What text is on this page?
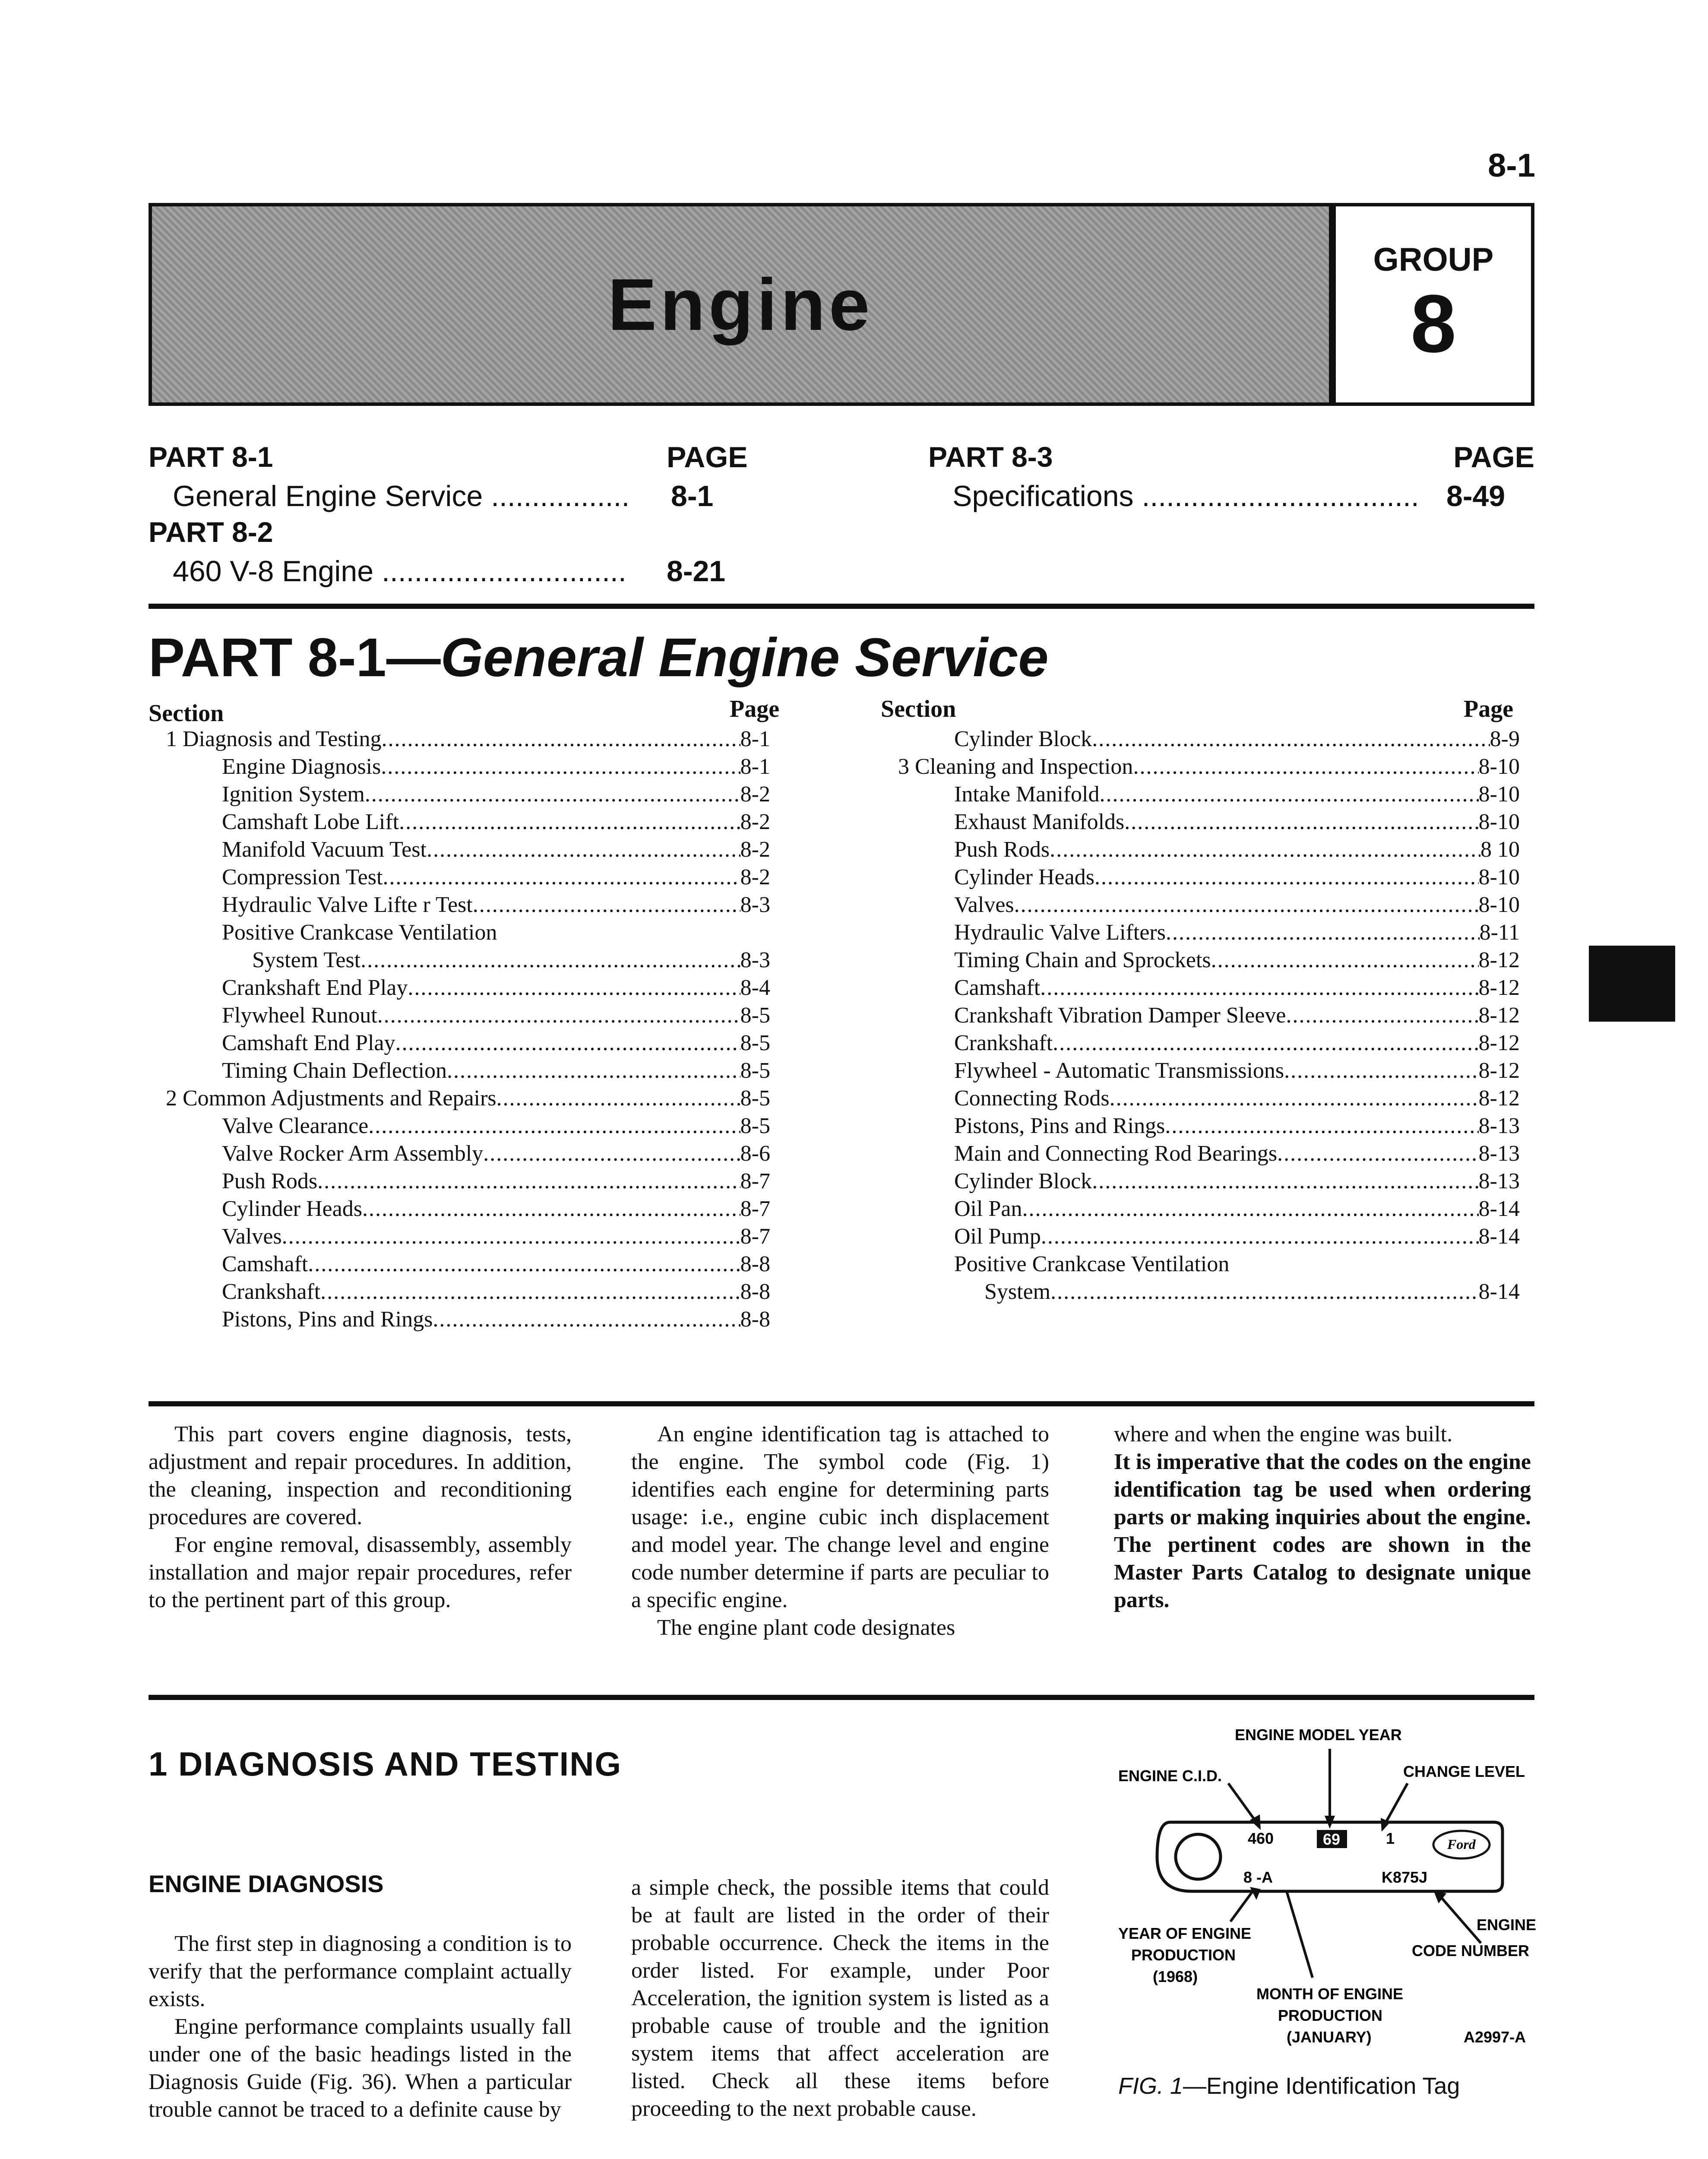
8-1
Engine
GROUP
8
PART 8-1	PAGE
General Engine Service ................. 8-1
PART 8-2
460 V-8 Engine .............................. 8-21
PART 8-3	PAGE
Specifications .................................. 8-49
PART 8-1—General Engine Service
Section	Page	Section	Page
1 Diagnosis and Testing .....	8-1
Engine Diagnosis .....	8-1
Ignition System .....	8-2
Camshaft Lobe Lift .....	8-2
Manifold Vacuum Test .....	8-2
Compression Test .....	8-2
Hydraulic Valve Lifte r Test .....	8-3
Positive Crankcase Ventilation
System Test .....	8-3
Crankshaft End Play .....	8-4
Flywheel Runout .....	8-5
Camshaft End Play .....	8-5
Timing Chain Deflection .....	8-5
2 Common Adjustments and Repairs .....	8-5
Valve Clearance .....	8-5
Valve Rocker Arm Assembly .....	8-6
Push Rods .....	8-7
Cylinder Heads .....	8-7
Valves .....	8-7
Camshaft .....	8-8
Crankshaft .....	8-8
Pistons, Pins and Rings .....	8-8
Cylinder Block .....	8-9
3 Cleaning and Inspection .....	8-10
Intake Manifold .....	8-10
Exhaust Manifolds .....	8-10
Push Rods .....	8 10
Cylinder Heads .....	8-10
Valves .....	8-10
Hydraulic Valve Lifters .....	8-11
Timing Chain and Sprockets .....	8-12
Camshaft .....	8-12
Crankshaft Vibration Damper Sleeve .....	8-12
Crankshaft .....	8-12
Flywheel - Automatic Transmissions .....	8-12
Connecting Rods .....	8-12
Pistons, Pins and Rings .....	8-13
Main and Connecting Rod Bearings .....	8-13
Cylinder Block .....	8-13
Oil Pan .....	8-14
Oil Pump .....	8-14
Positive Crankcase Ventilation
System .....	8-14

This part covers engine diagnosis, tests, adjustment and repair procedures. In addition, the cleaning, inspection and reconditioning procedures are covered.

For engine removal, disassembly, assembly installation and major repair procedures, refer to the pertinent part of this group.

An engine identification tag is attached to the engine. The symbol code (Fig. 1) identifies each engine for determining parts usage: i.e., engine cubic inch displacement and model year. The change level and engine code number determine if parts are peculiar to a specific engine.

The engine plant code designates

where and when the engine was built.

It is imperative that the codes on the engine identification tag be used when ordering parts or making inquiries about the engine. The pertinent codes are shown in the Master Parts Catalog to designate unique parts.

1 DIAGNOSIS AND TESTING
ENGINE DIAGNOSIS

The first step in diagnosing a condition is to verify that the performance complaint actually exists.

Engine performance complaints usually fall under one of the basic headings listed in the Diagnosis Guide (Fig. 36). When a particular trouble cannot be traced to a definite cause by

a simple check, the possible items that could be at fault are listed in the order of their probable occurrence. Check the items in the order listed. For example, under Poor Acceleration, the ignition system is listed as a probable cause of trouble and the ignition system items that affect acceleration are listed. Check all these items before proceeding to the next probable cause.

ENGINE MODEL YEAR
ENGINE C.I.D.	CHANGE LEVEL
460	69	1	Ford
8 -A	K875J
YEAR OF ENGINE
PRODUCTION
(1968)
ENGINE
CODE NUMBER
MONTH OF ENGINE
PRODUCTION
(JANUARY)	A2997-A
FIG. 1—Engine Identification Tag
